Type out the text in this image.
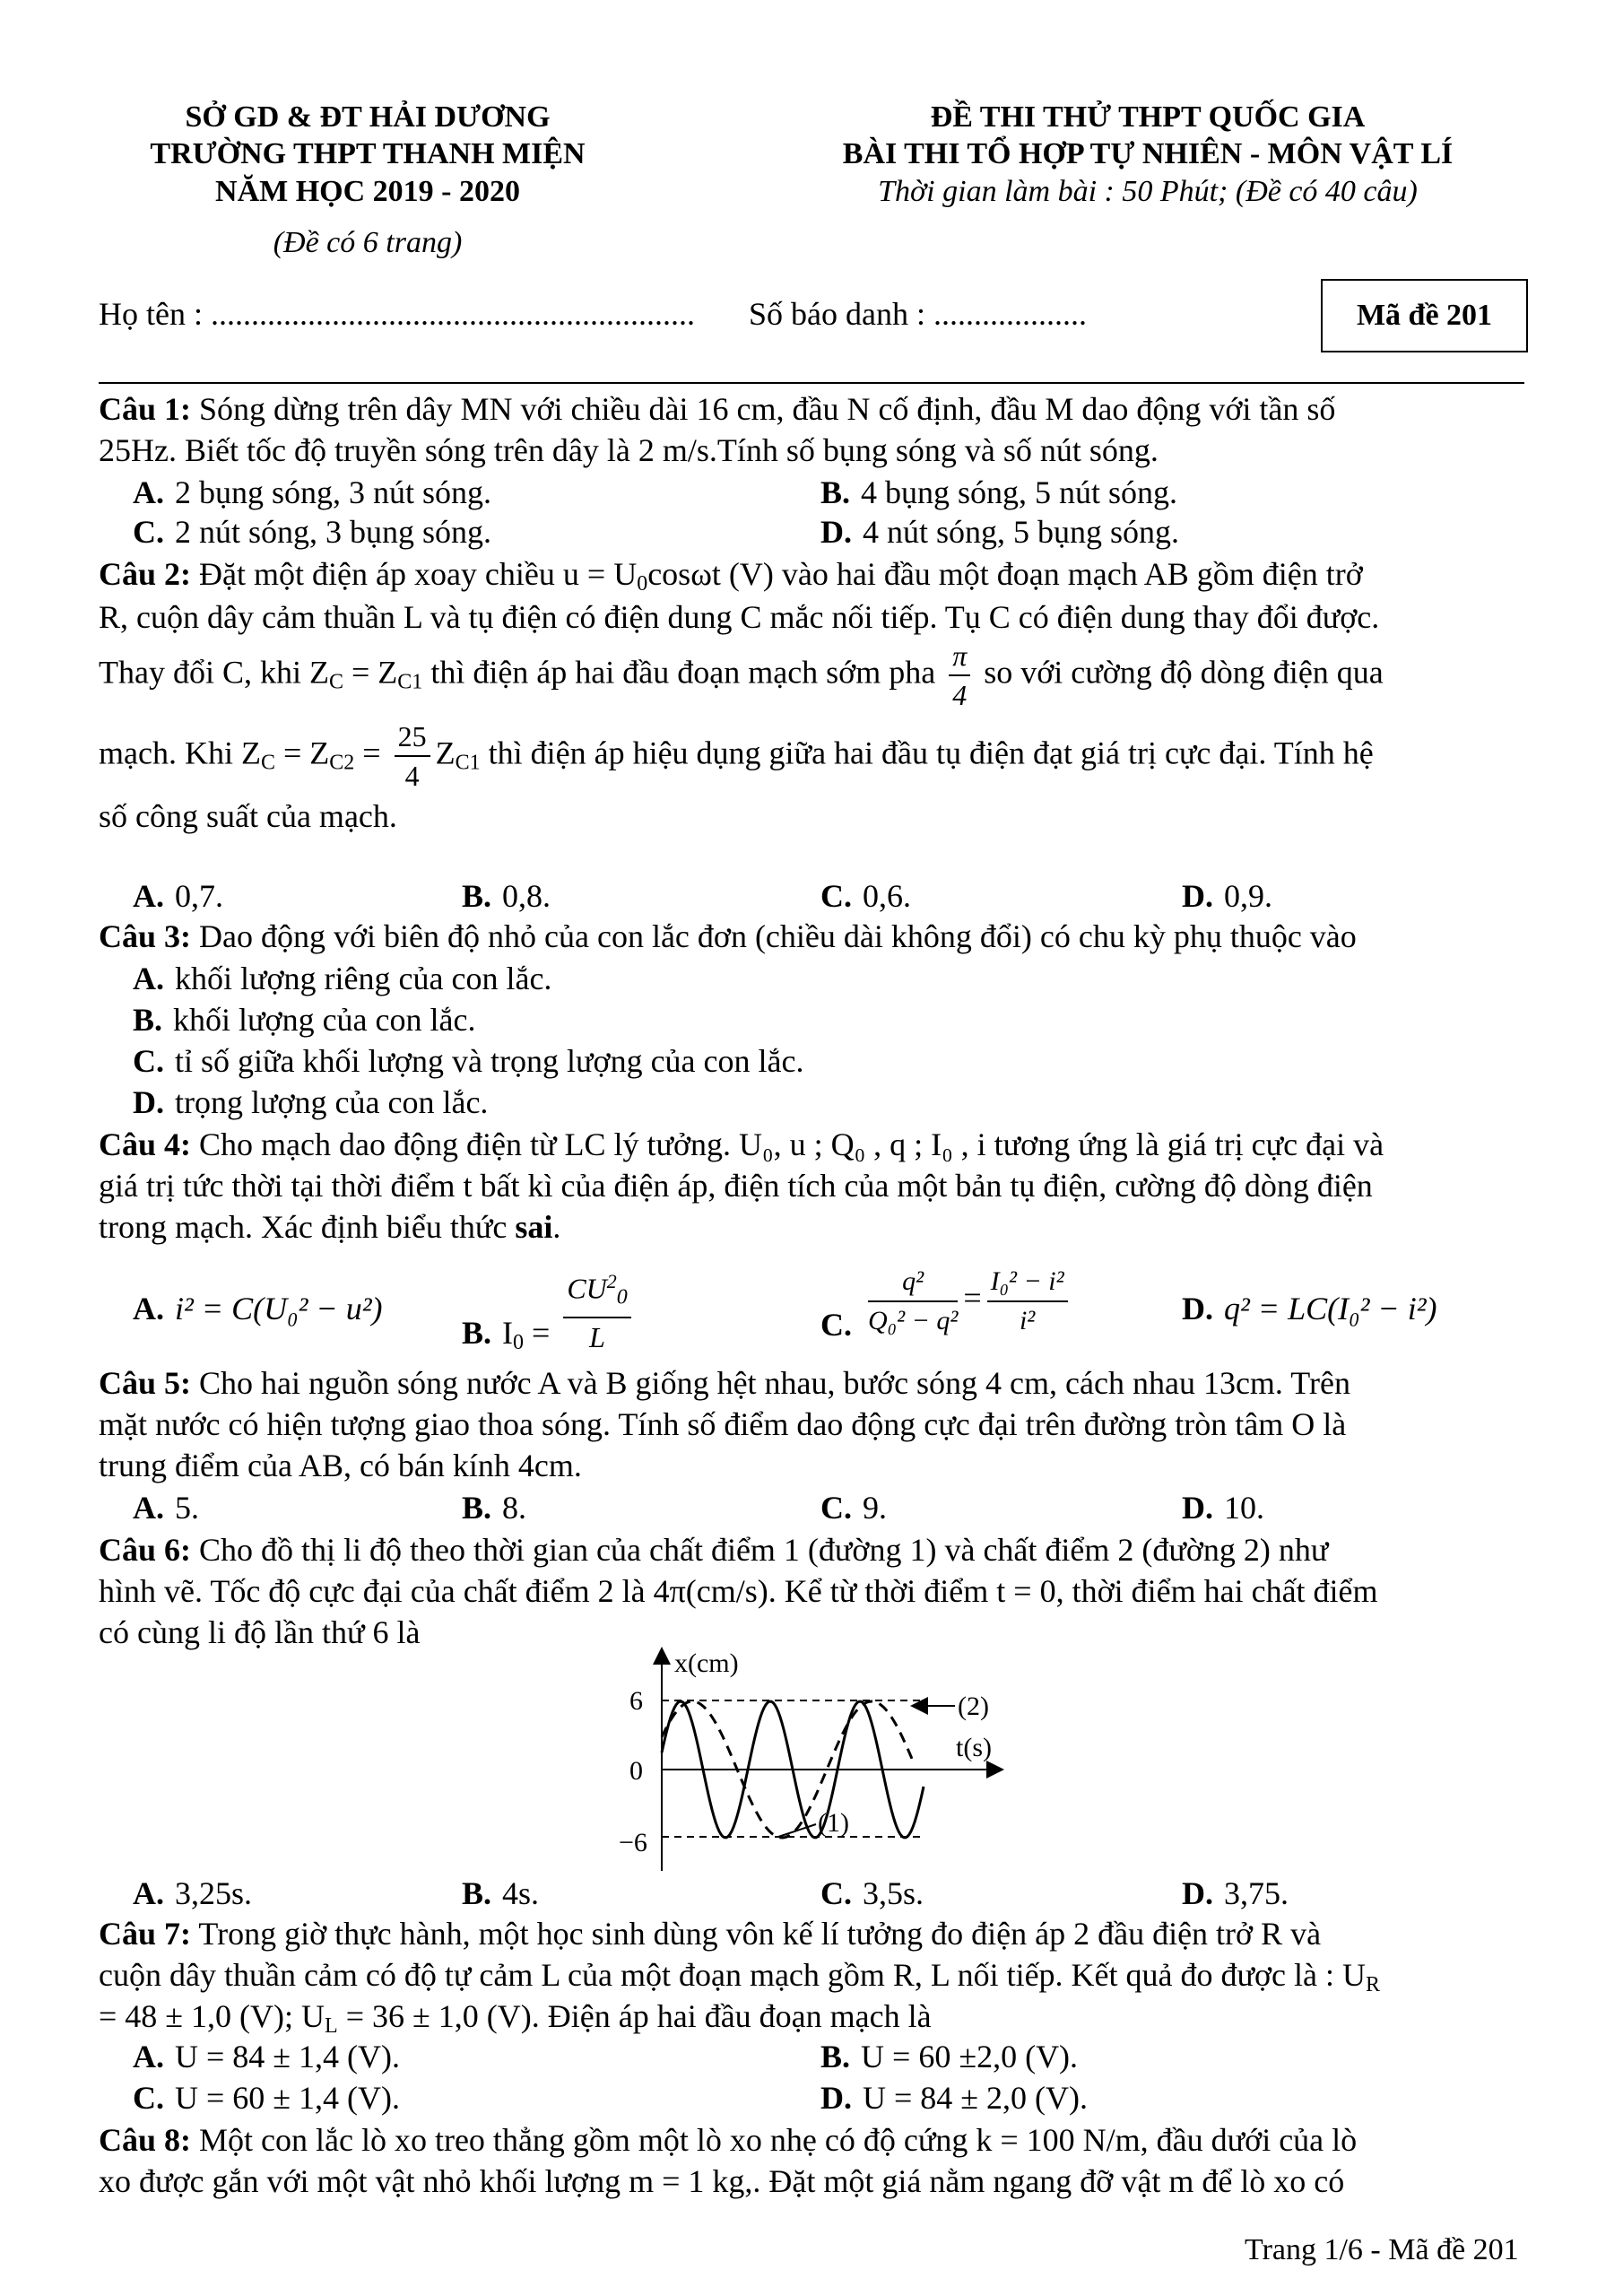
SỞ GD & ĐT HẢI DƯƠNG
TRƯỜNG THPT THANH MIỆN
NĂM HỌC 2019 - 2020
(Đề có 6 trang)
ĐỀ THI THỬ THPT QUỐC GIA
BÀI THI TỔ HỢP TỰ NHIÊN - MÔN VẬT LÍ
Thời gian làm bài : 50 Phút; (Đề có 40 câu)
Họ tên : ............................................................ Số báo danh : ...................	Mã đề 201
Câu 1: Sóng dừng trên dây MN với chiều dài 16 cm, đầu N cố định, đầu M dao động với tần số
25Hz. Biết tốc độ truyền sóng trên dây là 2 m/s.Tính số bụng sóng và số nút sóng.
A. 2 bụng sóng, 3 nút sóng.	B. 4 bụng sóng, 5 nút sóng.
C. 2 nút sóng, 3 bụng sóng.	D. 4 nút sóng, 5 bụng sóng.
Câu 2: Đặt một điện áp xoay chiều $u = U_0\cos\omega t$ (V) vào hai đầu một đoạn mạch AB gồm điện trở
R, cuộn dây cảm thuần L và tụ điện có điện dung C mắc nối tiếp. Tụ C có điện dung thay đổi được.
Thay đổi C, khi $Z_C = Z_{C1}$ thì điện áp hai đầu đoạn mạch sớm pha $\frac{\pi}{4}$ so với cường độ dòng điện qua
mạch. Khi $Z_C = Z_{C2} = \frac{25}{4} Z_{C1}$ thì điện áp hiệu dụng giữa hai đầu tụ điện đạt giá trị cực đại. Tính hệ
số công suất của mạch.
A. 0,7.	B. 0,8.	C. 0,6.	D. 0,9.
Câu 3: Dao động với biên độ nhỏ của con lắc đơn (chiều dài không đổi) có chu kỳ phụ thuộc vào
A. khối lượng riêng của con lắc.
B. khối lượng của con lắc.
C. tỉ số giữa khối lượng và trọng lượng của con lắc.
D. trọng lượng của con lắc.
Câu 4: Cho mạch dao động điện từ LC lý tưởng. U₀, u ; Q₀ , q ; I₀ , i tương ứng là giá trị cực đại và
giá trị tức thời tại thời điểm t bất kì của điện áp, điện tích của một bản tụ điện, cường độ dòng điện
trong mạch. Xác định biểu thức sai.
A. i² = C(U₀² − u²)
B. $I_0 = \frac{CU^2_0}{L}$	C. $\frac{\text{q²}}{\text{Q₀² − q²}} = \frac{\text{I₀² − i²}}{\text{i²}}$	D. q² = LC(I₀² − i²)
Câu 5: Cho hai nguồn sóng nước A và B giống hệt nhau, bước sóng 4 cm, cách nhau 13cm. Trên
mặt nước có hiện tượng giao thoa sóng. Tính số điểm dao động cực đại trên đường tròn tâm O là
trung điểm của AB, có bán kính 4cm.
A. 5.	B. 8.	C. 9.	D. 10.
Câu 6: Cho đồ thị li độ theo thời gian của chất điểm 1 (đường 1) và chất điểm 2 (đường 2) như
hình vẽ. Tốc độ cực đại của chất điểm 2 là 4π(cm/s). Kể từ thời điểm t = 0, thời điểm hai chất điểm
có cùng li độ lần thứ 6 là
x(cm)
t(s)
6
0
−6
(2)
(1)
A. 3,25s.	B. 4s.	C. 3,5s.	D. 3,75.
Câu 7: Trong giờ thực hành, một học sinh dùng vôn kế lí tưởng đo điện áp 2 đầu điện trở R và
cuộn dây thuần cảm có độ tự cảm L của một đoạn mạch gồm R, L nối tiếp. Kết quả đo được là : $U_R$
= 48 ± 1,0 (V); $U_L = 36 \pm 1,0$ (V). Điện áp hai đầu đoạn mạch là
A. U = 84 ± 1,4 (V).	B. U = 60 ±2,0 (V).
C. U = 60 ± 1,4 (V).	D. U = 84 ± 2,0 (V).
Câu 8: Một con lắc lò xo treo thẳng gồm một lò xo nhẹ có độ cứng k = 100 N/m, đầu dưới của lò
xo được gắn với một vật nhỏ khối lượng m = 1 kg,. Đặt một giá nằm ngang đỡ vật m để lò xo có
Trang 1/6 - Mã đề 201
